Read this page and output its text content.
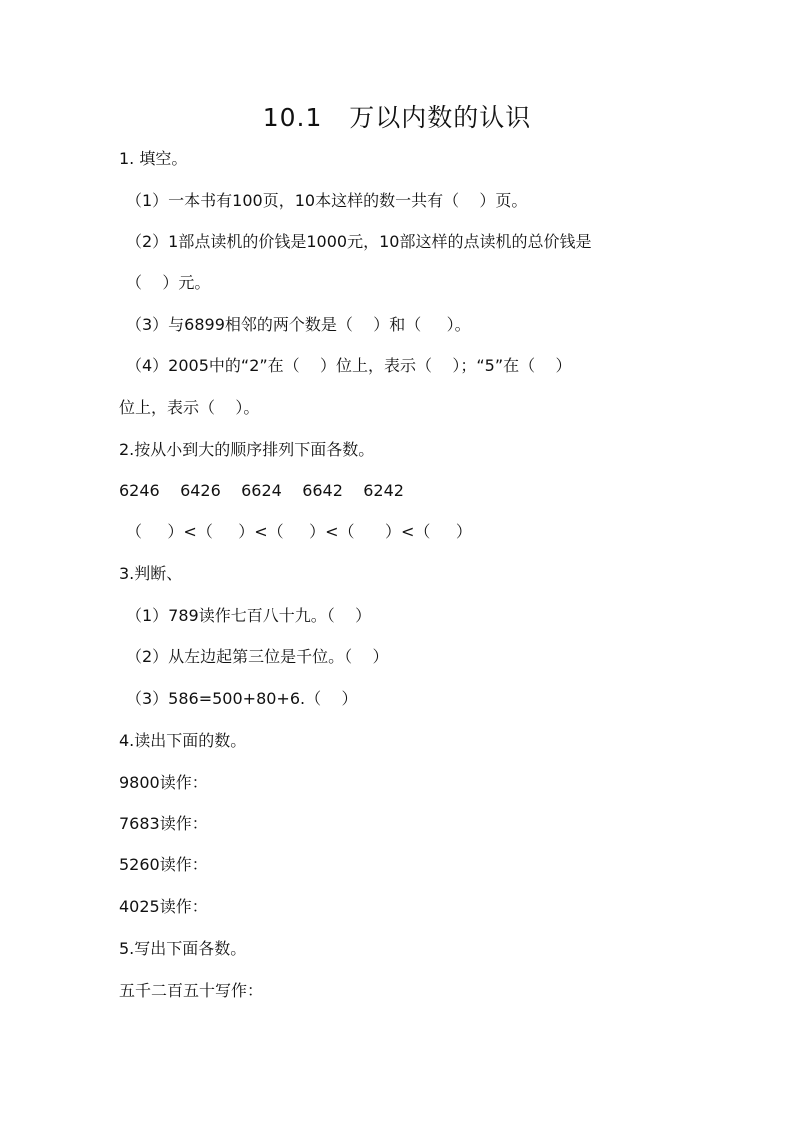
10.1   万以内数的认识
1. 填空。
（1）一本书有100页，10本这样的数一共有（    ）页。
（2）1部点读机的价钱是1000元，10部这样的点读机的总价钱是
（    ）元。
（3）与6899相邻的两个数是（    ）和（     ）。
（4）2005中的“2”在（    ）位上，表示（    ）；“5”在（    ）
位上，表示（    ）。
2.按从小到大的顺序排列下面各数。
6246    6426    6624    6642    6242
（     ）<（     ）<（     ）<（      ）<（     ）
3.判断、
（1）789读作七百八十九。（    ）
（2）从左边起第三位是千位。（    ）
（3）586=500+80+6.（    ）
4.读出下面的数。
9800读作：
7683读作：
5260读作：
4025读作：
5.写出下面各数。
五千二百五十写作：
